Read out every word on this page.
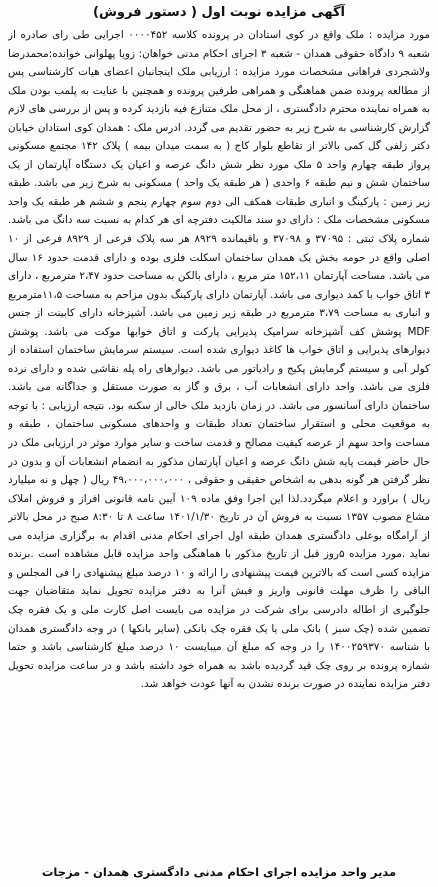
آگهی مزایده نوبت اول ( دستور فروش)

مورد مزایده : ملک واقع در کوی استادان در پرونده کلاسه ۰۰۰۰۴۵۲ اجرایی طی رای صادره از شعبه ۹ دادگاه حقوقی همدان - شعبه ۳ اجرای احکام مدنی خواهان: زویا پهلوانی خوانده:محمدرضا ولاشجردی فراهانی مشخصات مورد مزایده : ارزیابی ملک اینجانبان اعضای هیات کارشناسی پس از مطالعه پرونده ضمن هماهنگی و همراهی طرفین پرونده و همچنین با عنایت به پلمب بودن ملک به همراه نماینده محترم دادگستری ، از محل ملک متنازع فیه بازدید کرده و پس از بررسی های لازم گزارش کارشناسی به شرح زیر به حضور تقدیم می گردد. ادرس ملک : همدان کوی استادان خیابان دکتر زلفی گل کمی بالاتر از تقاطع بلوار کاج ( به سمت میدان بیمه ) پلاک ۱۴۲ مجتمع مسکونی پرواز طبقه چهارم واحد ۵ ملک مورد نظر شش دانگ عرصه و اعیان یک دستگاه آپارتمان از یک ساختمان شش و نیم طبقه ۶ واحدی ( هر طبقه یک واحد ) مسکونی به شرح زیر می باشد. طبقه زیر زمین : پارکینگ و انباری طبقات همکف الی دوم سوم چهارم پنجم و ششم هر طبقه یک واحد مسکونی مشخصات ملک : دارای دو سند مالکیت دفترچه ای هر کدام به نسبت سه دانگ می باشد. شماره پلاک ثبتی : ۳۷۰۹۵ و ۳۷۰۹۸ و باقیمانده ۸۹۲۹ هر سه پلاک فرعی از ۸۹۲۹ فرعی از ۱۰ اصلی واقع در حومه بخش یک همدان ساختمان اسکلت فلزی بوده و دارای قدمت حدود ۱۶ سال می باشد. مساحت آپارتمان ۱۵۲،۱۱ متر مربع ، دارای بالکن به مساحت حدود ۲،۴۷ مترمربع ، دارای ۳ اتاق خواب با کمد دیواری می باشد. آپارتمان دارای پارکینگ بدون مزاحم به مساحت ۱۱،۵مترمربع و انباری به مساحت ۳،۷۹ مترمربع در طبقه زیر زمین می باشد. آشپزخانه دارای کابینت از جنس MDF پوشش کف آشپزخانه سرامیک پذیرایی پارکت و اتاق خوابها موکت می باشد. پوشش دیوارهای پذیرایی و اتاق خواب ها کاغذ دیواری شده است. سیستم سرمایش ساختمان استفاده از کولر آبی و سیستم گرمایش پکیج و رادیاتور می باشد. دیوارهای راه پله نقاشی شده و دارای نرده فلزی می باشد. واحد دارای انشعابات آب ، برق و گاز به صورت مستقل و جداگانه می باشد. ساختمان دارای آسانسور می باشد. در زمان بازدید ملک خالی از سکنه بود. نتیجه ارزیابی : با توجه به موقعیت محلی و استقرار ساختمان تعداد طبقات و واحدهای مسکونی ساختمان ، طبقه و مساحت واحد سهم از عرصه کیفیت مصالح و قدمت ساخت و سایر موارد موثر در ارزیابی ملک در حال حاضر قیمت پایه شش دانگ عرصه و اعیان آپارتمان مذکور به انضمام انشعابات آن و بدون در نظر گرفتن هر گونه بدهی به اشخاص حقیقی و حقوقی ، ۴۹،۰۰۰،۰۰۰،۰۰۰ ریال ( چهل و نه میلیارد ریال ) براورد و اعلام میگردد.لذا این اجرا وفق ماده ۱۰۹ آیین نامه قانونی افراز و فروش املاک مشاع مصوب ۱۳۵۷ نسبت به فروش آن در تاریخ ۱۴۰۱/۱/۳۰ ساعت ۸ تا ۸:۳۰ صبح در محل بالاتر از آرامگاه بوعلی دادگستری همدان طبقه اول اجرای احکام مدنی اقدام به برگزاری مزایده می نماید .مورد مزایده ۵روز قبل از تاریخ مذکور با هماهنگی واحد مزایده قابل مشاهده است .برنده مزایده کسی است که بالاترین قیمت پیشنهادی را ارائه و ۱۰ درصد مبلغ پیشنهادی را فی المجلس و الباقی را ظرف مهلت قانونی واریز و فیش آنرا به دفتر مزایده تحویل نماید متقاضیان جهت جلوگیری از اطاله دادرسی برای شرکت در مزایده می بایست اصل کارت ملی و یک فقره چک تضمین شده (چک سبز ) بانک ملی یا یک فقره چک بانکی (سایر بانکها ) در وجه دادگستری همدان با شناسه ۱۴۰۰۲۵۹۳۷۰ را در وجه که مبلغ آن میبایست ۱۰ درصد مبلغ کارشناسی باشد و حتما شماره پرونده بر روی چک قید گردیده باشد به همراه خود داشته باشد و در ساعت مزایده تحویل دفتر مزایده نماینده در صورت برنده نشدن به آنها عودت خواهد شد.

مدیر واحد مزایده اجرای احکام مدنی دادگستری همدان - مزجات
